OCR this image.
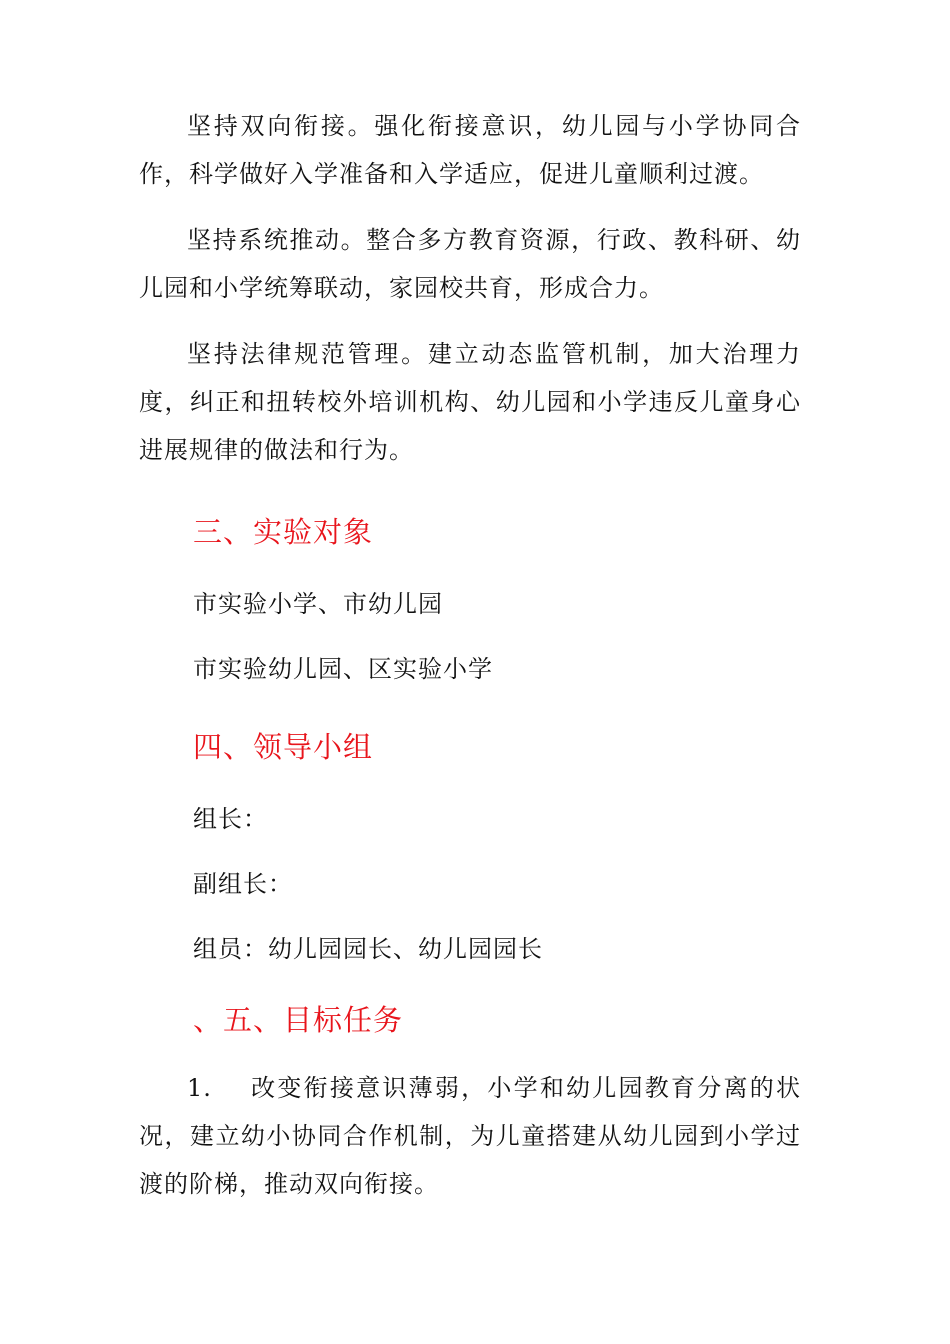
坚持双向衔接。强化衔接意识，幼儿园与小学协同合作，科学做好入学准备和入学适应，促进儿童顺利过渡。

坚持系统推动。整合多方教育资源，行政、教科研、幼儿园和小学统筹联动，家园校共育，形成合力。

坚持法律规范管理。建立动态监管机制，加大治理力度，纠正和扭转校外培训机构、幼儿园和小学违反儿童身心进展规律的做法和行为。

三、实验对象

市实验小学、市幼儿园

市实验幼儿园、区实验小学

四、领导小组

组长：

副组长：

组员：幼儿园园长、幼儿园园长

、五、目标任务

1. 改变衔接意识薄弱，小学和幼儿园教育分离的状况，建立幼小协同合作机制，为儿童搭建从幼儿园到小学过渡的阶梯，推动双向衔接。
